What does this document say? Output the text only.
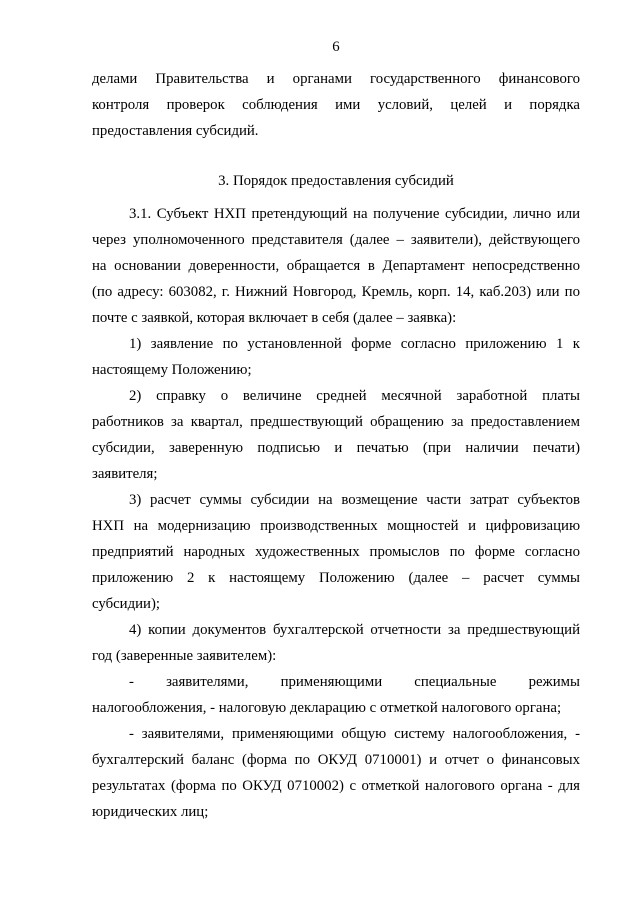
6
делами Правительства и органами государственного финансового
контроля проверок соблюдения ими условий, целей и порядка
предоставления субсидий.
3. Порядок предоставления субсидий
3.1. Субъект НХП претендующий на получение субсидии, лично или
через уполномоченного представителя (далее – заявители), действующего
на основании доверенности, обращается в Департамент непосредственно
(по адресу: 603082, г. Нижний Новгород, Кремль, корп. 14, каб.203) или по
почте с заявкой, которая включает в себя (далее – заявка):
1) заявление по установленной форме согласно приложению 1 к
настоящему Положению;
2) справку о величине средней месячной заработной платы
работников за квартал, предшествующий обращению за предоставлением
субсидии, заверенную подписью и печатью (при наличии печати)
заявителя;
3) расчет суммы субсидии на возмещение части затрат субъектов
НХП на модернизацию производственных мощностей и цифровизацию
предприятий народных художественных промыслов по форме согласно
приложению 2 к настоящему Положению (далее – расчет суммы
субсидии);
4) копии документов бухгалтерской отчетности за предшествующий
год (заверенные заявителем):
- заявителями, применяющими специальные режимы
налогообложения, - налоговую декларацию с отметкой налогового органа;
- заявителями, применяющими общую систему налогообложения, -
бухгалтерский баланс (форма по ОКУД 0710001) и отчет о финансовых
результатах (форма по ОКУД 0710002) с отметкой налогового органа - для
юридических лиц;
